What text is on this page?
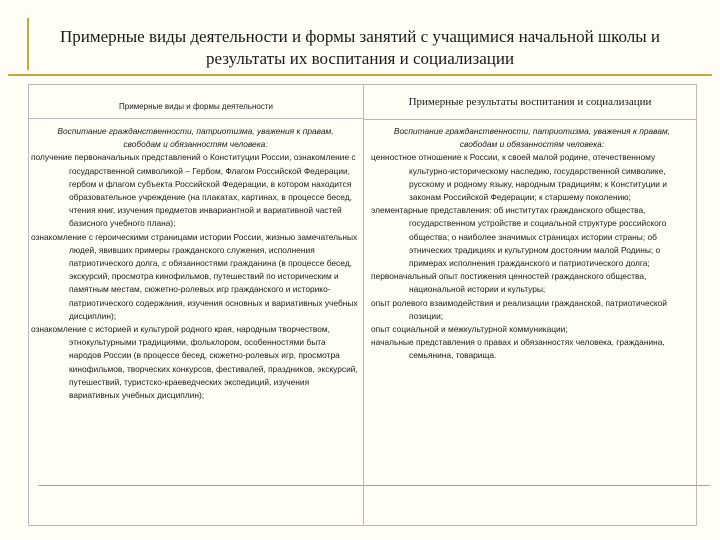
Примерные виды деятельности и формы занятий с учащимися начальной школы и результаты их воспитания и социализации
Примерные виды и формы деятельности
Воспитание гражданственности, патриотизма, уважения к правам, свободам и обязанностям человека:
получение первоначальных представлений о Конституции России, ознакомление с государственной символикой – Гербом, Флагом Российской Федерации, гербом и флагом субъекта Российской Федерации, в котором находится образовательное учреждение (на плакатах, картинах, в процессе бесед, чтения книг, изучения предметов инвариантной и вариативной частей базисного учебного плана);
ознакомление с героическими страницами истории России, жизнью замечательных людей, явивших примеры гражданского служения, исполнения патриотического долга, с обязанностями гражданина (в процессе бесед, экскурсий, просмотра кинофильмов, путешествий по историческим и памятным местам, сюжетно-ролевых игр гражданского и историко-патриотического содержания, изучения основных и вариативных учебных дисциплин);
ознакомление с историей и культурой родного края, народным творчеством, этнокультурными традициями, фольклором, особенностями быта народов России (в процессе бесед, сюжетно-ролевых игр, просмотра кинофильмов, творческих конкурсов, фестивалей, праздников, экскурсий, путешествий, туристско-краеведческих экспедиций, изучения вариативных учебных дисциплин);
Примерные результаты воспитания и социализации
Воспитание гражданственности, патриотизма, уважения к правам, свободам и обязанностям человека:
ценностное отношение к России, к своей малой родине, отечественному культурно-историческому наследию, государственной символике, русскому и родному языку, народным традициям; к Конституции и законам Российской Федерации; к старшему поколению;
элементарные представления: об институтах гражданского общества, государственном устройстве и социальной структуре российского общества; о наиболее значимых страницах истории страны; об этнических традициях и культурном достоянии малой Родины; о примерах исполнения гражданского и патриотического долга;
первоначальный опыт постижения ценностей гражданского общества, национальной истории и культуры;
опыт ролевого взаимодействия и реализации гражданской, патриотической позиции;
опыт социальной и межкультурной коммуникации;
начальные представления о правах и обязанностях человека, гражданина, семьянина, товарища.
